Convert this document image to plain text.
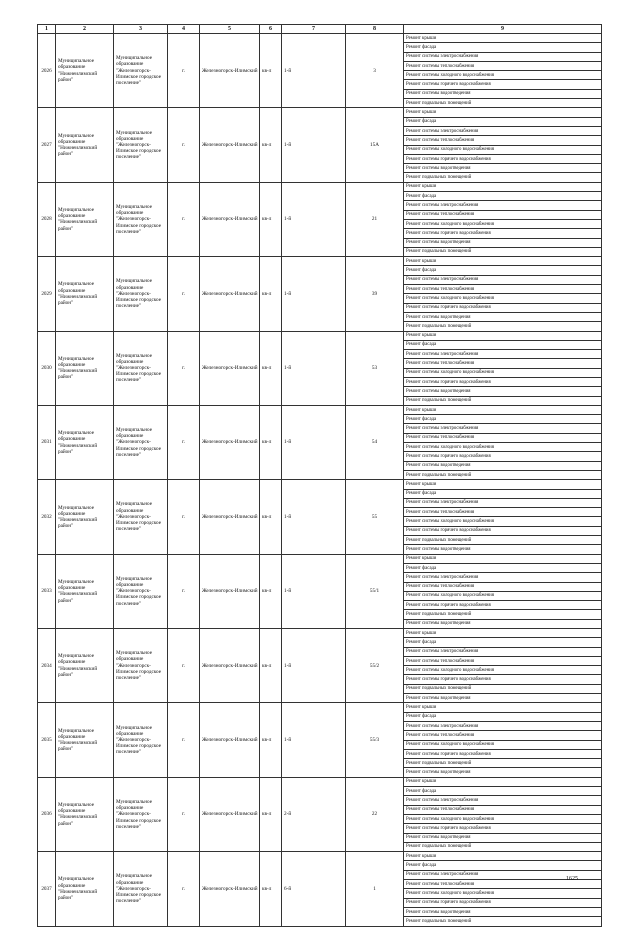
1	2	3	4	5	6	7	8	9
2026	Муниципальное образование "Нижнеилимский район"	Муниципальное образование "Железногорск-Илимское городское поселение"	г.	Железногорск-Илимский	кв-л	1-й	3	Ремонт крыши
								Ремонт фасада
								Ремонт системы электроснабжения
								Ремонт системы теплоснабжения
								Ремонт системы холодного водоснабжения
								Ремонт системы горячего водоснабжения
								Ремонт системы водоотведения
								Ремонт подвальных помещений
2027	Муниципальное образование "Нижнеилимский район"	Муниципальное образование "Железногорск-Илимское городское поселение"	г.	Железногорск-Илимский	кв-л	1-й	15А	Ремонт крыши
								Ремонт фасада
								Ремонт системы электроснабжения
								Ремонт системы теплоснабжения
								Ремонт системы холодного водоснабжения
								Ремонт системы горячего водоснабжения
								Ремонт системы водоотведения
								Ремонт подвальных помещений
2028	Муниципальное образование "Нижнеилимский район"	Муниципальное образование "Железногорск-Илимское городское поселение"	г.	Железногорск-Илимский	кв-л	1-й	21	Ремонт крыши
								Ремонт фасада
								Ремонт системы электроснабжения
								Ремонт системы теплоснабжения
								Ремонт системы холодного водоснабжения
								Ремонт системы горячего водоснабжения
								Ремонт системы водоотведения
								Ремонт подвальных помещений
2029	Муниципальное образование "Нижнеилимский район"	Муниципальное образование "Железногорск-Илимское городское поселение"	г.	Железногорск-Илимский	кв-л	1-й	39	Ремонт крыши
								Ремонт фасада
								Ремонт системы электроснабжения
								Ремонт системы теплоснабжения
								Ремонт системы холодного водоснабжения
								Ремонт системы горячего водоснабжения
								Ремонт системы водоотведения
								Ремонт подвальных помещений
2030	Муниципальное образование "Нижнеилимский район"	Муниципальное образование "Железногорск-Илимское городское поселение"	г.	Железногорск-Илимский	кв-л	1-й	53	Ремонт крыши
								Ремонт фасада
								Ремонт системы электроснабжения
								Ремонт системы теплоснабжения
								Ремонт системы холодного водоснабжения
								Ремонт системы горячего водоснабжения
								Ремонт системы водоотведения
								Ремонт подвальных помещений
2031	Муниципальное образование "Нижнеилимский район"	Муниципальное образование "Железногорск-Илимское городское поселение"	г.	Железногорск-Илимский	кв-л	1-й	54	Ремонт крыши
								Ремонт фасада
								Ремонт системы электроснабжения
								Ремонт системы теплоснабжения
								Ремонт системы холодного водоснабжения
								Ремонт системы горячего водоснабжения
								Ремонт системы водоотведения
								Ремонт подвальных помещений
2032	Муниципальное образование "Нижнеилимский район"	Муниципальное образование "Железногорск-Илимское городское поселение"	г.	Железногорск-Илимский	кв-л	1-й	55	Ремонт крыши
								Ремонт фасада
								Ремонт системы электроснабжения
								Ремонт системы теплоснабжения
								Ремонт системы холодного водоснабжения
								Ремонт системы горячего водоснабжения
								Ремонт подвальных помещений
								Ремонт системы водоотведения
2033	Муниципальное образование "Нижнеилимский район"	Муниципальное образование "Железногорск-Илимское городское поселение"	г.	Железногорск-Илимский	кв-л	1-й	55/1	Ремонт крыши
								Ремонт фасада
								Ремонт системы электроснабжения
								Ремонт системы теплоснабжения
								Ремонт системы холодного водоснабжения
								Ремонт системы горячего водоснабжения
								Ремонт подвальных помещений
								Ремонт системы водоотведения
2034	Муниципальное образование "Нижнеилимский район"	Муниципальное образование "Железногорск-Илимское городское поселение"	г.	Железногорск-Илимский	кв-л	1-й	55/2	Ремонт крыши
								Ремонт фасада
								Ремонт системы электроснабжения
								Ремонт системы теплоснабжения
								Ремонт системы холодного водоснабжения
								Ремонт системы горячего водоснабжения
								Ремонт подвальных помещений
								Ремонт системы водоотведения
2035	Муниципальное образование "Нижнеилимский район"	Муниципальное образование "Железногорск-Илимское городское поселение"	г.	Железногорск-Илимский	кв-л	1-й	55/3	Ремонт крыши
								Ремонт фасада
								Ремонт системы электроснабжения
								Ремонт системы теплоснабжения
								Ремонт системы холодного водоснабжения
								Ремонт системы горячего водоснабжения
								Ремонт подвальных помещений
								Ремонт системы водоотведения
2036	Муниципальное образование "Нижнеилимский район"	Муниципальное образование "Железногорск-Илимское городское поселение"	г.	Железногорск-Илимский	кв-л	2-й	22	Ремонт крыши
								Ремонт фасада
								Ремонт системы электроснабжения
								Ремонт системы теплоснабжения
								Ремонт системы холодного водоснабжения
								Ремонт системы горячего водоснабжения
								Ремонт системы водоотведения
								Ремонт подвальных помещений
2037	Муниципальное образование "Нижнеилимский район"	Муниципальное образование "Железногорск-Илимское городское поселение"	г.	Железногорск-Илимский	кв-л	6-й	1	Ремонт крыши
								Ремонт фасада
								Ремонт системы электроснабжения
								Ремонт системы теплоснабжения
								Ремонт системы холодного водоснабжения
								Ремонт системы горячего водоснабжения
								Ремонт системы водоотведения
								Ремонт подвальных помещений
1625
